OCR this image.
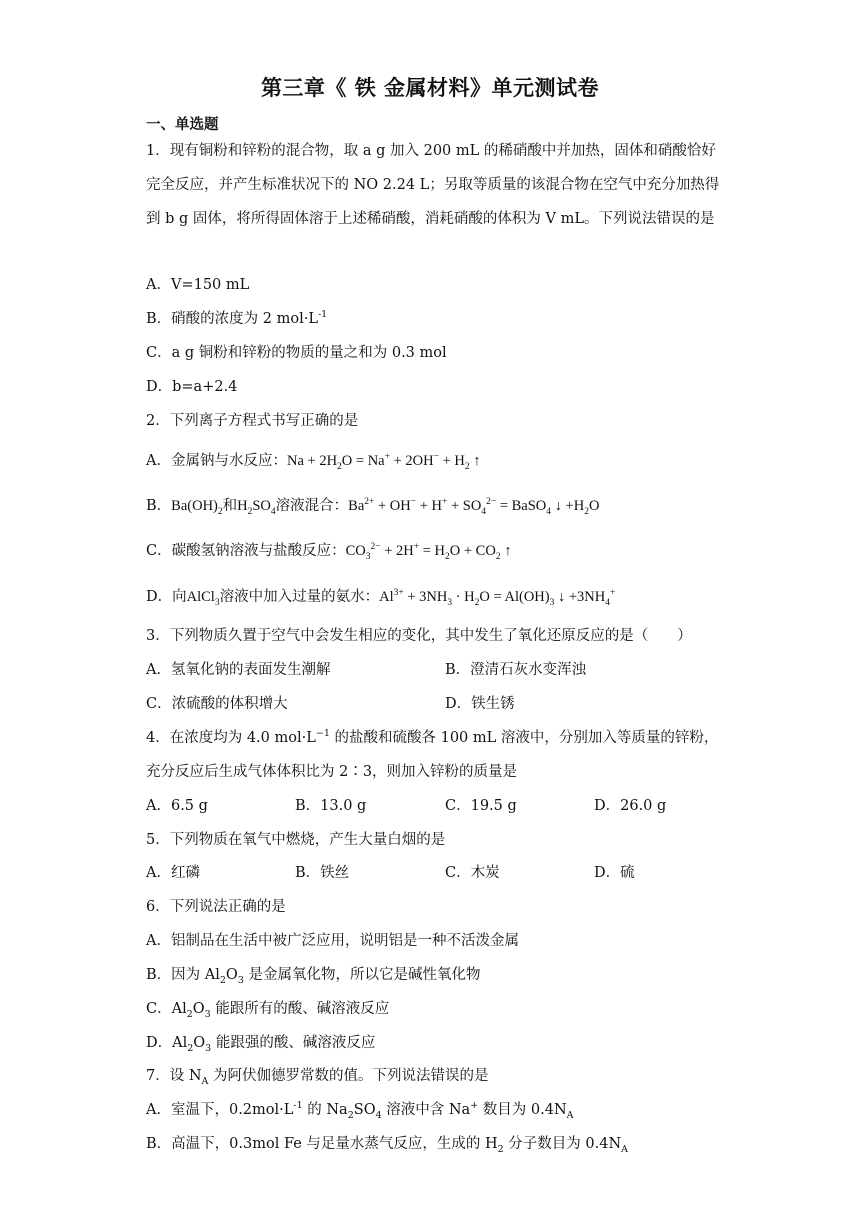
第三章《 铁 金属材料》单元测试卷
一、单选题
1．现有铜粉和锌粉的混合物，取 a g 加入 200 mL 的稀硝酸中并加热，固体和硝酸恰好完全反应，并产生标准状况下的 NO 2.24 L；另取等质量的该混合物在空气中充分加热得到 b g 固体，将所得固体溶于上述稀硝酸，消耗硝酸的体积为 V mL。下列说法错误的是
A．V=150 mL
B．硝酸的浓度为 2 $mol\cdot L^{-1}$
C．a g 铜粉和锌粉的物质的量之和为 0.3 mol
D．b=a+2.4
2．下列离子方程式书写正确的是
A．金属钠与水反应：$Na + 2H_2O = Na^+ + 2OH^- + H_2$ ↑
B．$Ba(OH)_2$和$H_2SO_4$溶液混合：$Ba^{2+} + OH^- + H^+ + SO_4^{2-}$ = BaSO$_4$ ↓ $+H_2O$
C．碳酸氢钠溶液与盐酸反应：$CO_3^{2-} + 2H^+ = H_2O + CO_2$ ↑
D．向AlCl$_3$溶液中加入过量的氨水：$Al^{3+} + 3NH_3 \cdot H_2O = Al(OH)_3$ ↓ $+3NH_4^+$
3．下列物质久置于空气中会发生相应的变化，其中发生了氧化还原反应的是（　　）
A．氢氧化钠的表面发生潮解	B．澄清石灰水变浑浊
C．浓硫酸的体积增大	D．铁生锈
4．在浓度均为 4.0 $mol\cdot L^{-1}$ 的盐酸和硫酸各 100 mL 溶液中，分别加入等质量的锌粉，
充分反应后生成气体体积比为 2∶3，则加入锌粉的质量是
A．6.5 g	B．13.0 g	C．19.5 g	D．26.0 g
5．下列物质在氧气中燃烧，产生大量白烟的是
A．红磷	B．铁丝	C．木炭	D．硫
6．下列说法正确的是
A．铝制品在生活中被广泛应用，说明铝是一种不活泼金属
B．因为 $Al_2O_3$ 是金属氧化物，所以它是碱性氧化物
C．$Al_2O_3$ 能跟所有的酸、碱溶液反应
D．$Al_2O_3$ 能跟强的酸、碱溶液反应
7．设 $N_A$ 为阿伏伽德罗常数的值。下列说法错误的是
A．室温下，$0.2mol\cdot L^{-1}$ 的 $Na_2SO_4$ 溶液中含 Na+ 数目为 $0.4N_A$
B．高温下，0.3mol Fe 与足量水蒸气反应，生成的 $H_2$ 分子数目为 $0.4N_A$
